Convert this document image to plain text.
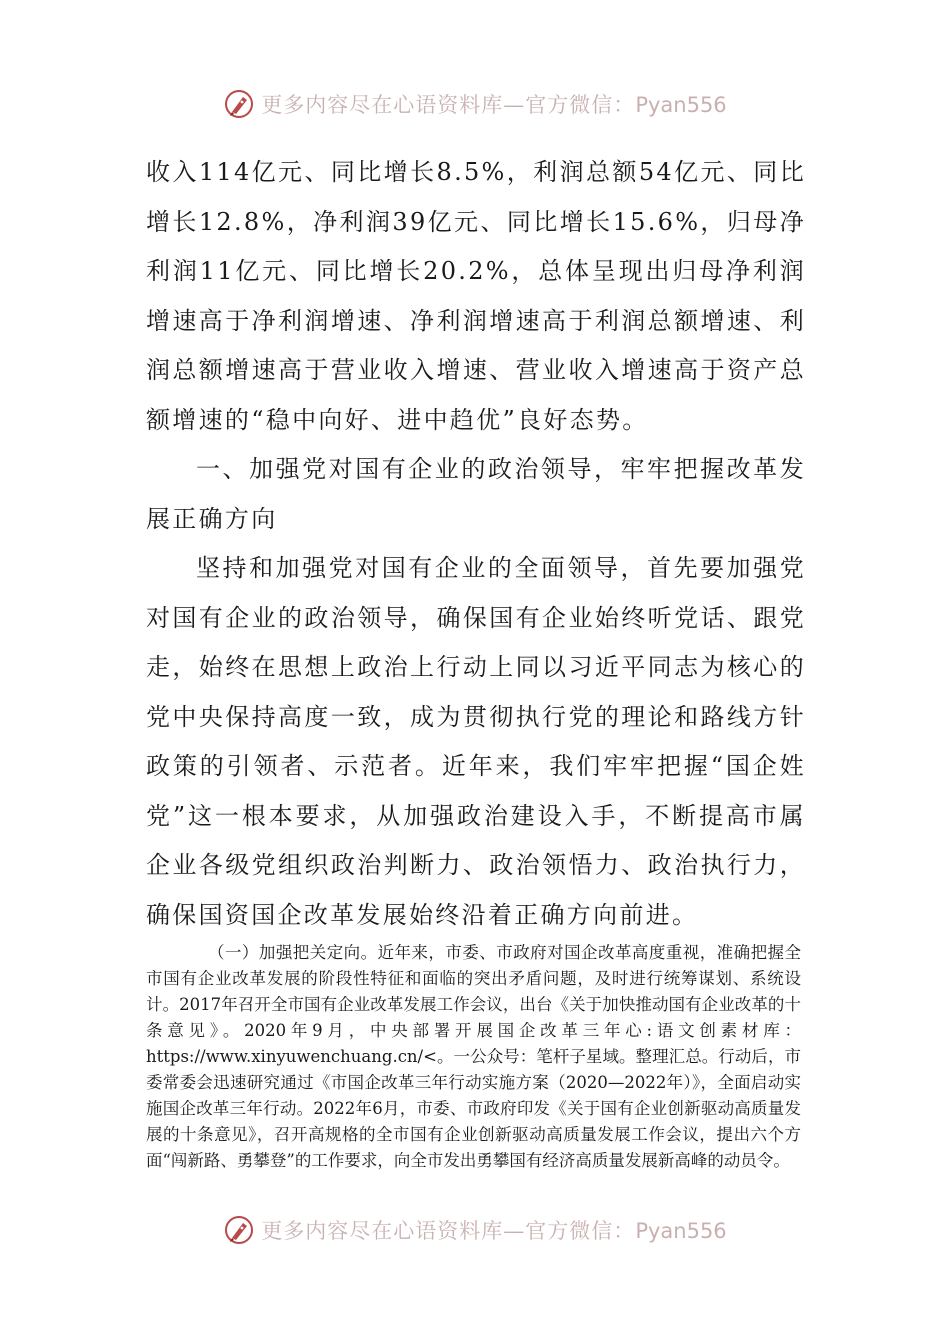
更多内容尽在心语资料库—官方微信：Pyan556

收入114亿元、同比增长8.5%，利润总额54亿元、同比增长12.8%，净利润39亿元、同比增长15.6%，归母净利润11亿元、同比增长20.2%，总体呈现出归母净利润增速高于净利润增速、净利润增速高于利润总额增速、利润总额增速高于营业收入增速、营业收入增速高于资产总额增速的“稳中向好、进中趋优”良好态势。

一、加强党对国有企业的政治领导，牢牢把握改革发展正确方向

坚持和加强党对国有企业的全面领导，首先要加强党对国有企业的政治领导，确保国有企业始终听党话、跟党走，始终在思想上政治上行动上同以习近平同志为核心的党中央保持高度一致，成为贯彻执行党的理论和路线方针政策的引领者、示范者。近年来，我们牢牢把握“国企姓党”这一根本要求，从加强政治建设入手，不断提高市属企业各级党组织政治判断力、政治领悟力、政治执行力，确保国资国企改革发展始终沿着正确方向前进。

（一）加强把关定向。近年来，市委、市政府对国企改革高度重视，准确把握全市国有企业改革发展的阶段性特征和面临的突出矛盾问题，及时进行统筹谋划、系统设计。2017年召开全市国有企业改革发展工作会议，出台《关于加快推动国有企业改革的十条意见》。2020年9月，中央部署开展国企改革三年心:语文创素材库：https://www.xinyuwenchuang.cn/<。一公众号：笔杆子星域。整理汇总。行动后，市委常委会迅速研究通过《市国企改革三年行动实施方案（2020—2022年）》，全面启动实施国企改革三年行动。2022年6月，市委、市政府印发《关于国有企业创新驱动高质量发展的十条意见》，召开高规格的全市国有企业创新驱动高质量发展工作会议，提出六个方面“闯新路、勇攀登”的工作要求，向全市发出勇攀国有经济高质量发展新高峰的动员令。

更多内容尽在心语资料库—官方微信：Pyan556
